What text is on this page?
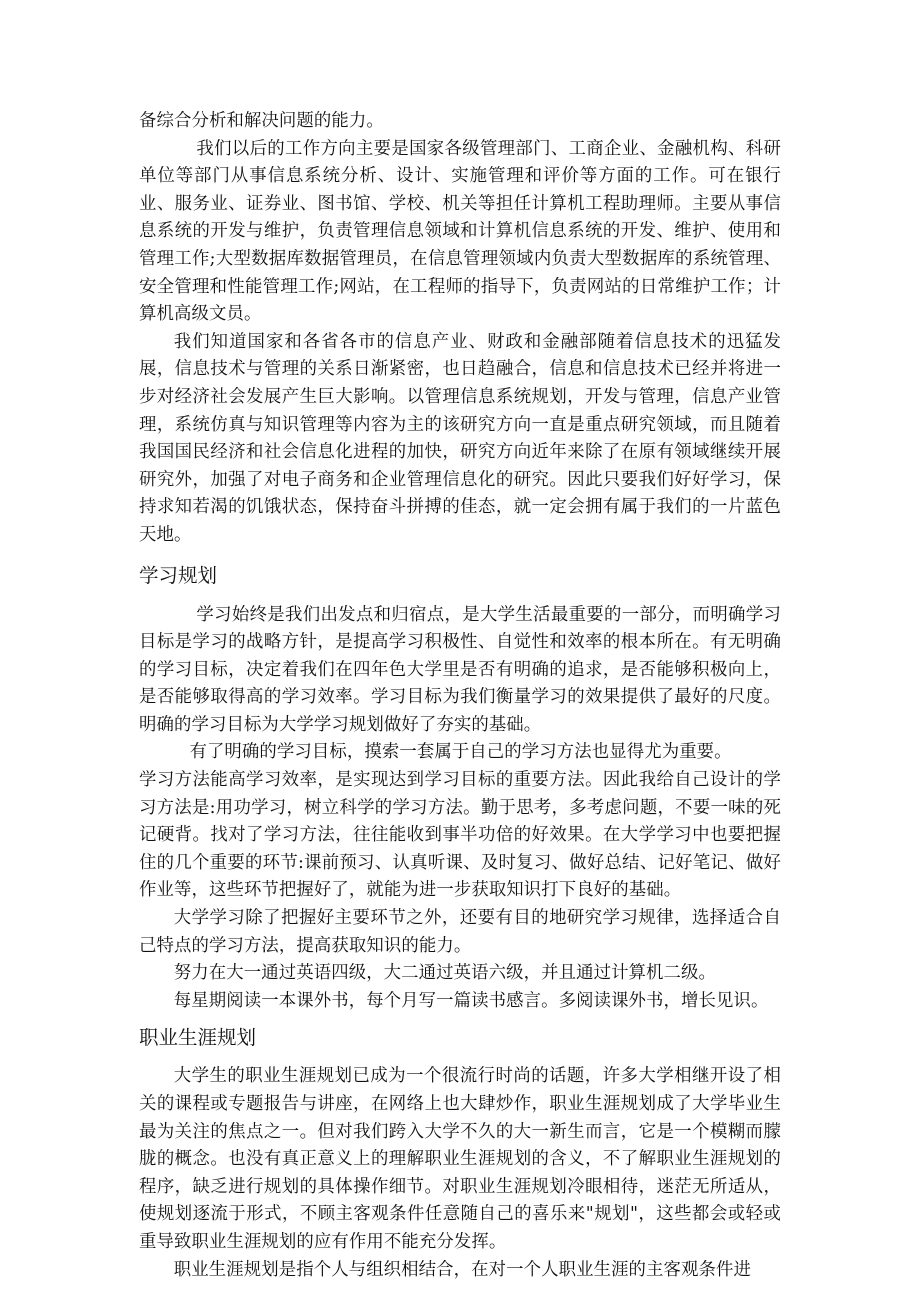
备综合分析和解决问题的能力。

我们以后的工作方向主要是国家各级管理部门、工商企业、金融机构、科研单位等部门从事信息系统分析、设计、实施管理和评价等方面的工作。可在银行业、服务业、证券业、图书馆、学校、机关等担任计算机工程助理师。主要从事信息系统的开发与维护，负责管理信息领域和计算机信息系统的开发、维护、使用和管理工作;大型数据库数据管理员，在信息管理领域内负责大型数据库的系统管理、安全管理和性能管理工作;网站，在工程师的指导下，负责网站的日常维护工作；计算机高级文员。

我们知道国家和各省各市的信息产业、财政和金融部随着信息技术的迅猛发展，信息技术与管理的关系日渐紧密，也日趋融合，信息和信息技术已经并将进一步对经济社会发展产生巨大影响。以管理信息系统规划，开发与管理，信息产业管理，系统仿真与知识管理等内容为主的该研究方向一直是重点研究领域，而且随着我国国民经济和社会信息化进程的加快，研究方向近年来除了在原有领域继续开展研究外，加强了对电子商务和企业管理信息化的研究。因此只要我们好好学习，保持求知若渴的饥饿状态，保持奋斗拼搏的佳态，就一定会拥有属于我们的一片蓝色天地。

学习规划

学习始终是我们出发点和归宿点，是大学生活最重要的一部分，而明确学习目标是学习的战略方针，是提高学习积极性、自觉性和效率的根本所在。有无明确的学习目标，决定着我们在四年色大学里是否有明确的追求，是否能够积极向上，是否能够取得高的学习效率。学习目标为我们衡量学习的效果提供了最好的尺度。明确的学习目标为大学学习规划做好了夯实的基础。

有了明确的学习目标，摸索一套属于自己的学习方法也显得尤为重要。

学习方法能高学习效率，是实现达到学习目标的重要方法。因此我给自己设计的学习方法是:用功学习，树立科学的学习方法。勤于思考，多考虑问题，不要一味的死记硬背。找对了学习方法，往往能收到事半功倍的好效果。在大学学习中也要把握住的几个重要的环节:课前预习、认真听课、及时复习、做好总结、记好笔记、做好作业等，这些环节把握好了，就能为进一步获取知识打下良好的基础。

大学学习除了把握好主要环节之外，还要有目的地研究学习规律，选择适合自己特点的学习方法，提高获取知识的能力。

努力在大一通过英语四级，大二通过英语六级，并且通过计算机二级。

每星期阅读一本课外书，每个月写一篇读书感言。多阅读课外书，增长见识。

职业生涯规划

大学生的职业生涯规划已成为一个很流行时尚的话题，许多大学相继开设了相关的课程或专题报告与讲座，在网络上也大肆炒作，职业生涯规划成了大学毕业生最为关注的焦点之一。但对我们跨入大学不久的大一新生而言，它是一个模糊而朦胧的概念。也没有真正意义上的理解职业生涯规划的含义，不了解职业生涯规划的程序，缺乏进行规划的具体操作细节。对职业生涯规划冷眼相待，迷茫无所适从，使规划逐流于形式，不顾主客观条件任意随自己的喜乐来"规划"，这些都会或轻或重导致职业生涯规划的应有作用不能充分发挥。

职业生涯规划是指个人与组织相结合，在对一个人职业生涯的主客观条件进
